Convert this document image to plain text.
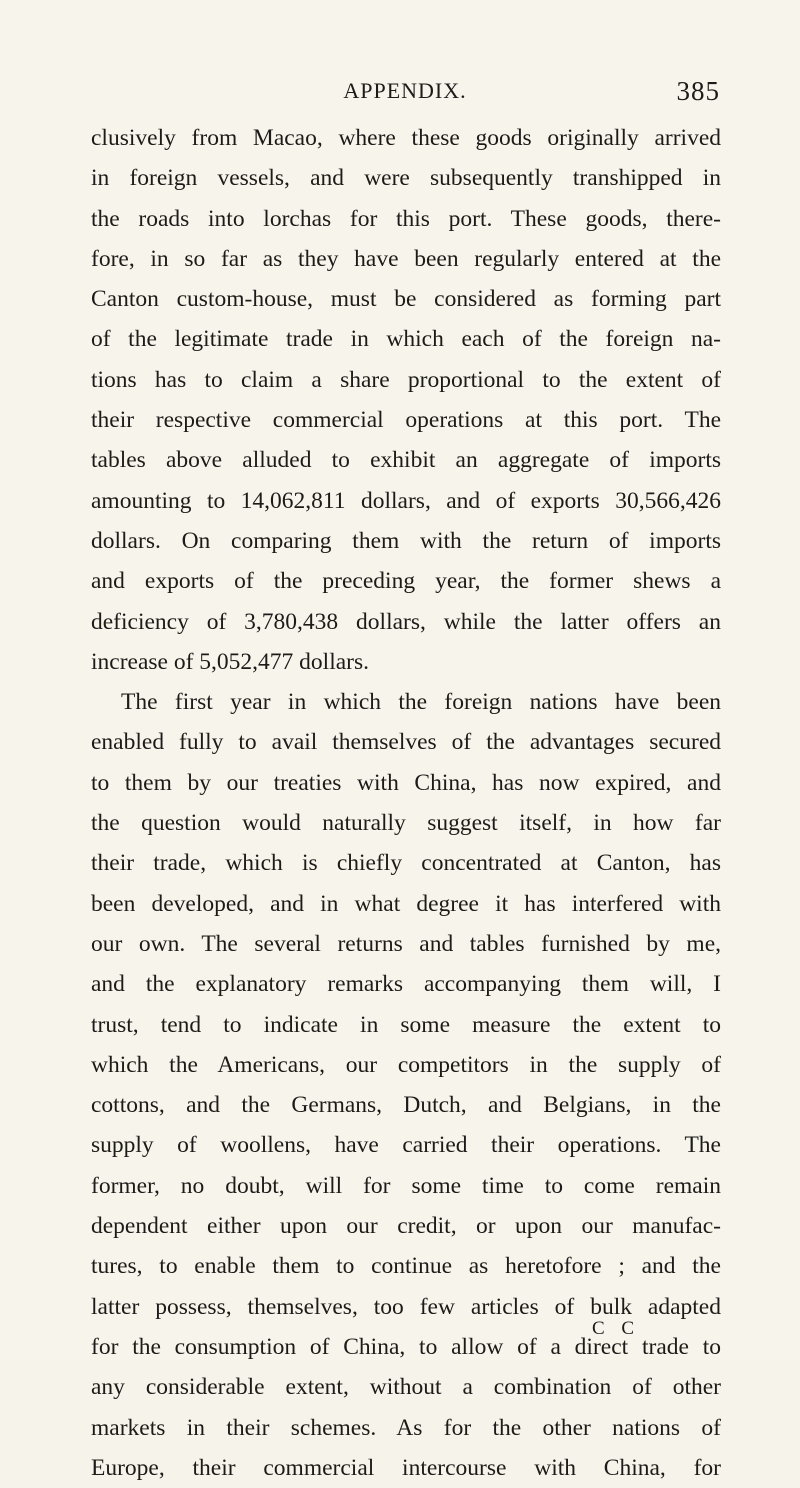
APPENDIX.	385
clusively from Macao, where these goods originally arrived
in foreign vessels, and were subsequently transhipped in
the roads into lorchas for this port. These goods, there-
fore, in so far as they have been regularly entered at the
Canton custom-house, must be considered as forming part
of the legitimate trade in which each of the foreign na-
tions has to claim a share proportional to the extent of
their respective commercial operations at this port. The
tables above alluded to exhibit an aggregate of imports
amounting to 14,062,811 dollars, and of exports 30,566,426
dollars. On comparing them with the return of imports
and exports of the preceding year, the former shews a
deficiency of 3,780,438 dollars, while the latter offers an
increase of 5,052,477 dollars.
The first year in which the foreign nations have been
enabled fully to avail themselves of the advantages secured
to them by our treaties with China, has now expired, and
the question would naturally suggest itself, in how far
their trade, which is chiefly concentrated at Canton, has
been developed, and in what degree it has interfered with
our own. The several returns and tables furnished by me,
and the explanatory remarks accompanying them will, I
trust, tend to indicate in some measure the extent to
which the Americans, our competitors in the supply of
cottons, and the Germans, Dutch, and Belgians, in the
supply of woollens, have carried their operations. The
former, no doubt, will for some time to come remain
dependent either upon our credit, or upon our manufac-
tures, to enable them to continue as heretofore ; and the
latter possess, themselves, too few articles of bulk adapted
for the consumption of China, to allow of a direct trade to
any considerable extent, without a combination of other
markets in their schemes. As for the other nations of
Europe, their commercial intercourse with China, for
C C
